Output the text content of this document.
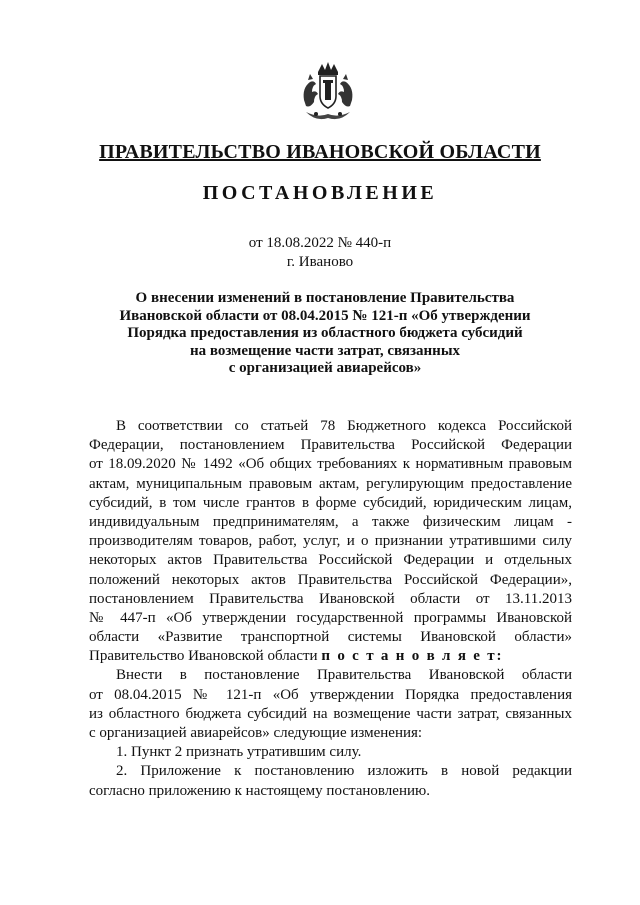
ПРАВИТЕЛЬСТВО ИВАНОВСКОЙ ОБЛАСТИ
ПОСТАНОВЛЕНИЕ
от 18.08.2022 № 440-п
г. Иваново
О внесении изменений в постановление Правительства
Ивановской области от 08.04.2015 № 121-п «Об утверждении
Порядка предоставления из областного бюджета субсидий
на возмещение части затрат, связанных
с организацией авиарейсов»
В соответствии со статьей 78 Бюджетного кодекса Российской
Федерации, постановлением Правительства Российской Федерации
от 18.09.2020 № 1492 «Об общих требованиях к нормативным правовым
актам, муниципальным правовым актам, регулирующим предоставление
субсидий, в том числе грантов в форме субсидий, юридическим лицам,
индивидуальным предпринимателям, а также физическим лицам -
производителям товаров, работ, услуг, и о признании утратившими силу
некоторых актов Правительства Российской Федерации и отдельных
положений некоторых актов Правительства Российской Федерации»,
постановлением Правительства Ивановской области от 13.11.2013
№ 447-п «Об утверждении государственной программы Ивановской
области «Развитие транспортной системы Ивановской области»
Правительство Ивановской области п о с т а н о в л я е т:
Внести в постановление Правительства Ивановской области
от 08.04.2015 № 121-п «Об утверждении Порядка предоставления
из областного бюджета субсидий на возмещение части затрат, связанных
с организацией авиарейсов» следующие изменения:
1. Пункт 2 признать утратившим силу.
2. Приложение к постановлению изложить в новой редакции
согласно приложению к настоящему постановлению.
